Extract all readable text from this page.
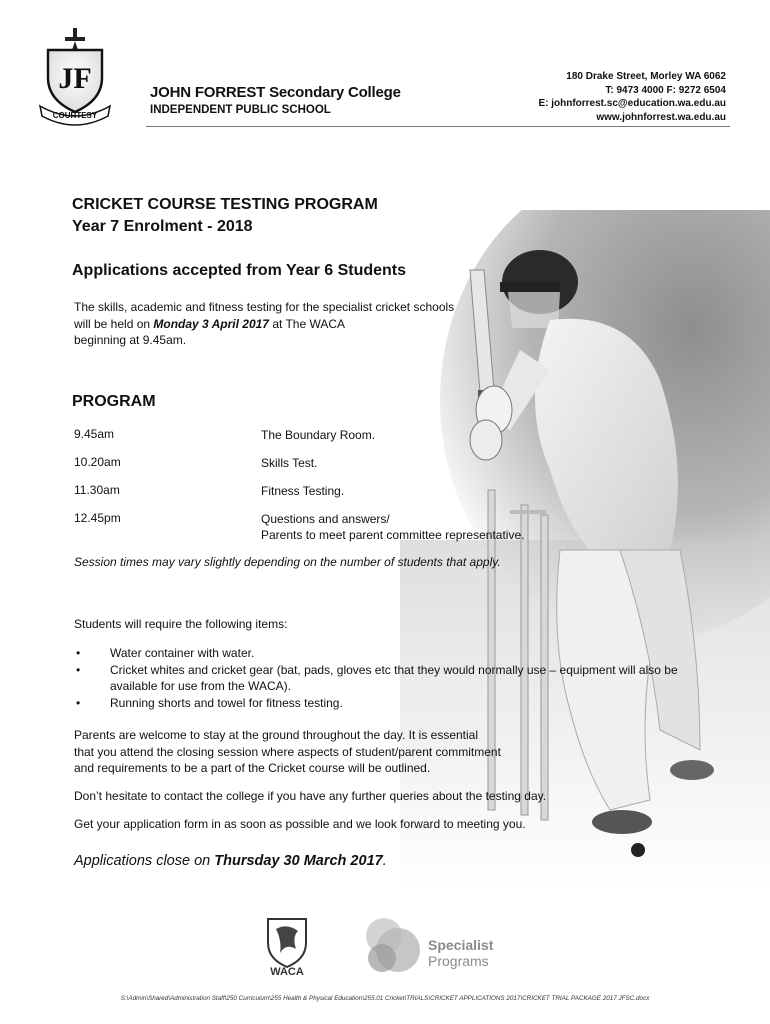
JF
COURTESY
JOHN FORREST Secondary College
INDEPENDENT PUBLIC SCHOOL
180 Drake Street, Morley WA 6062
T: 9473 4000 F: 9272 6504
E: johnforrest.sc@education.wa.edu.au
www.johnforrest.wa.edu.au
CRICKET COURSE TESTING PROGRAM
Year 7 Enrolment - 2018
Applications accepted from Year 6 Students
The skills, academic and fitness testing for the specialist cricket schools
will be held on Monday 3 April 2017 at The WACA
beginning at 9.45am.
PROGRAM
9.45am	The Boundary Room.
10.20am	Skills Test.
11.30am	Fitness Testing.
12.45pm	Questions and answers/
Parents to meet parent committee representative.
Session times may vary slightly depending on the number of students that apply.
Students will require the following items:
• Water container with water.
• Cricket whites and cricket gear (bat, pads, gloves etc that they would normally use – equipment will also be available for use from the WACA).
• Running shorts and towel for fitness testing.
Parents are welcome to stay at the ground throughout the day. It is essential
that you attend the closing session where aspects of student/parent commitment
and requirements to be a part of the Cricket course will be outlined.
Don’t hesitate to contact the college if you have any further queries about the testing day.
Get your application form in as soon as possible and we look forward to meeting you.
Applications close on Thursday 30 March 2017.
WACA
Specialist
Programs
S:\Admin\Shared\Administration Staff\250 Curriculum\255 Health & Physical Education\255.01 Cricket\TRIALS\CRICKET APPLICATIONS 2017\CRICKET TRIAL PACKAGE 2017 JFSC.docx
